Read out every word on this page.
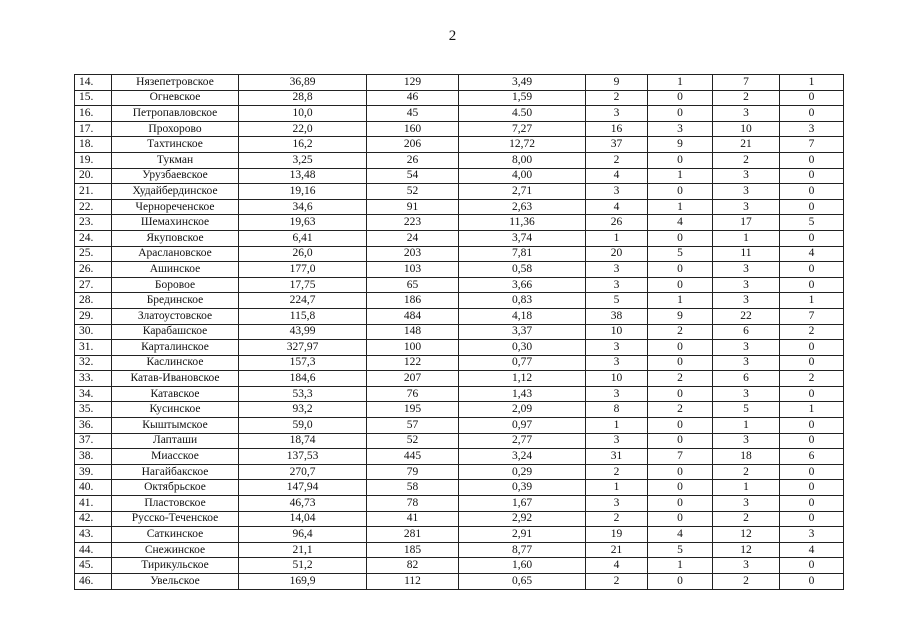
2
14.	Нязепетровское	36,89	129	3,49	9	1	7	1
15.	Огневское	28,8	46	1,59	2	0	2	0
16.	Петропавловское	10,0	45	4.50	3	0	3	0
17.	Прохорово	22,0	160	7,27	16	3	10	3
18.	Тахтинское	16,2	206	12,72	37	9	21	7
19.	Тукман	3,25	26	8,00	2	0	2	0
20.	Урузбаевское	13,48	54	4,00	4	1	3	0
21.	Худайбердинское	19,16	52	2,71	3	0	3	0
22.	Чернореченское	34,6	91	2,63	4	1	3	0
23.	Шемахинское	19,63	223	11,36	26	4	17	5
24.	Якуповское	6,41	24	3,74	1	0	1	0
25.	Араслановское	26,0	203	7,81	20	5	11	4
26.	Ашинское	177,0	103	0,58	3	0	3	0
27.	Боровое	17,75	65	3,66	3	0	3	0
28.	Брединское	224,7	186	0,83	5	1	3	1
29.	Златоустовское	115,8	484	4,18	38	9	22	7
30.	Карабашское	43,99	148	3,37	10	2	6	2
31.	Карталинское	327,97	100	0,30	3	0	3	0
32.	Каслинское	157,3	122	0,77	3	0	3	0
33.	Катав-Ивановское	184,6	207	1,12	10	2	6	2
34.	Катавское	53,3	76	1,43	3	0	3	0
35.	Кусинское	93,2	195	2,09	8	2	5	1
36.	Кыштымское	59,0	57	0,97	1	0	1	0
37.	Лапташи	18,74	52	2,77	3	0	3	0
38.	Миасское	137,53	445	3,24	31	7	18	6
39.	Нагайбакское	270,7	79	0,29	2	0	2	0
40.	Октябрьское	147,94	58	0,39	1	0	1	0
41.	Пластовское	46,73	78	1,67	3	0	3	0
42.	Русско-Теченское	14,04	41	2,92	2	0	2	0
43.	Саткинское	96,4	281	2,91	19	4	12	3
44.	Снежинское	21,1	185	8,77	21	5	12	4
45.	Тирикульское	51,2	82	1,60	4	1	3	0
46.	Увельское	169,9	112	0,65	2	0	2	0
